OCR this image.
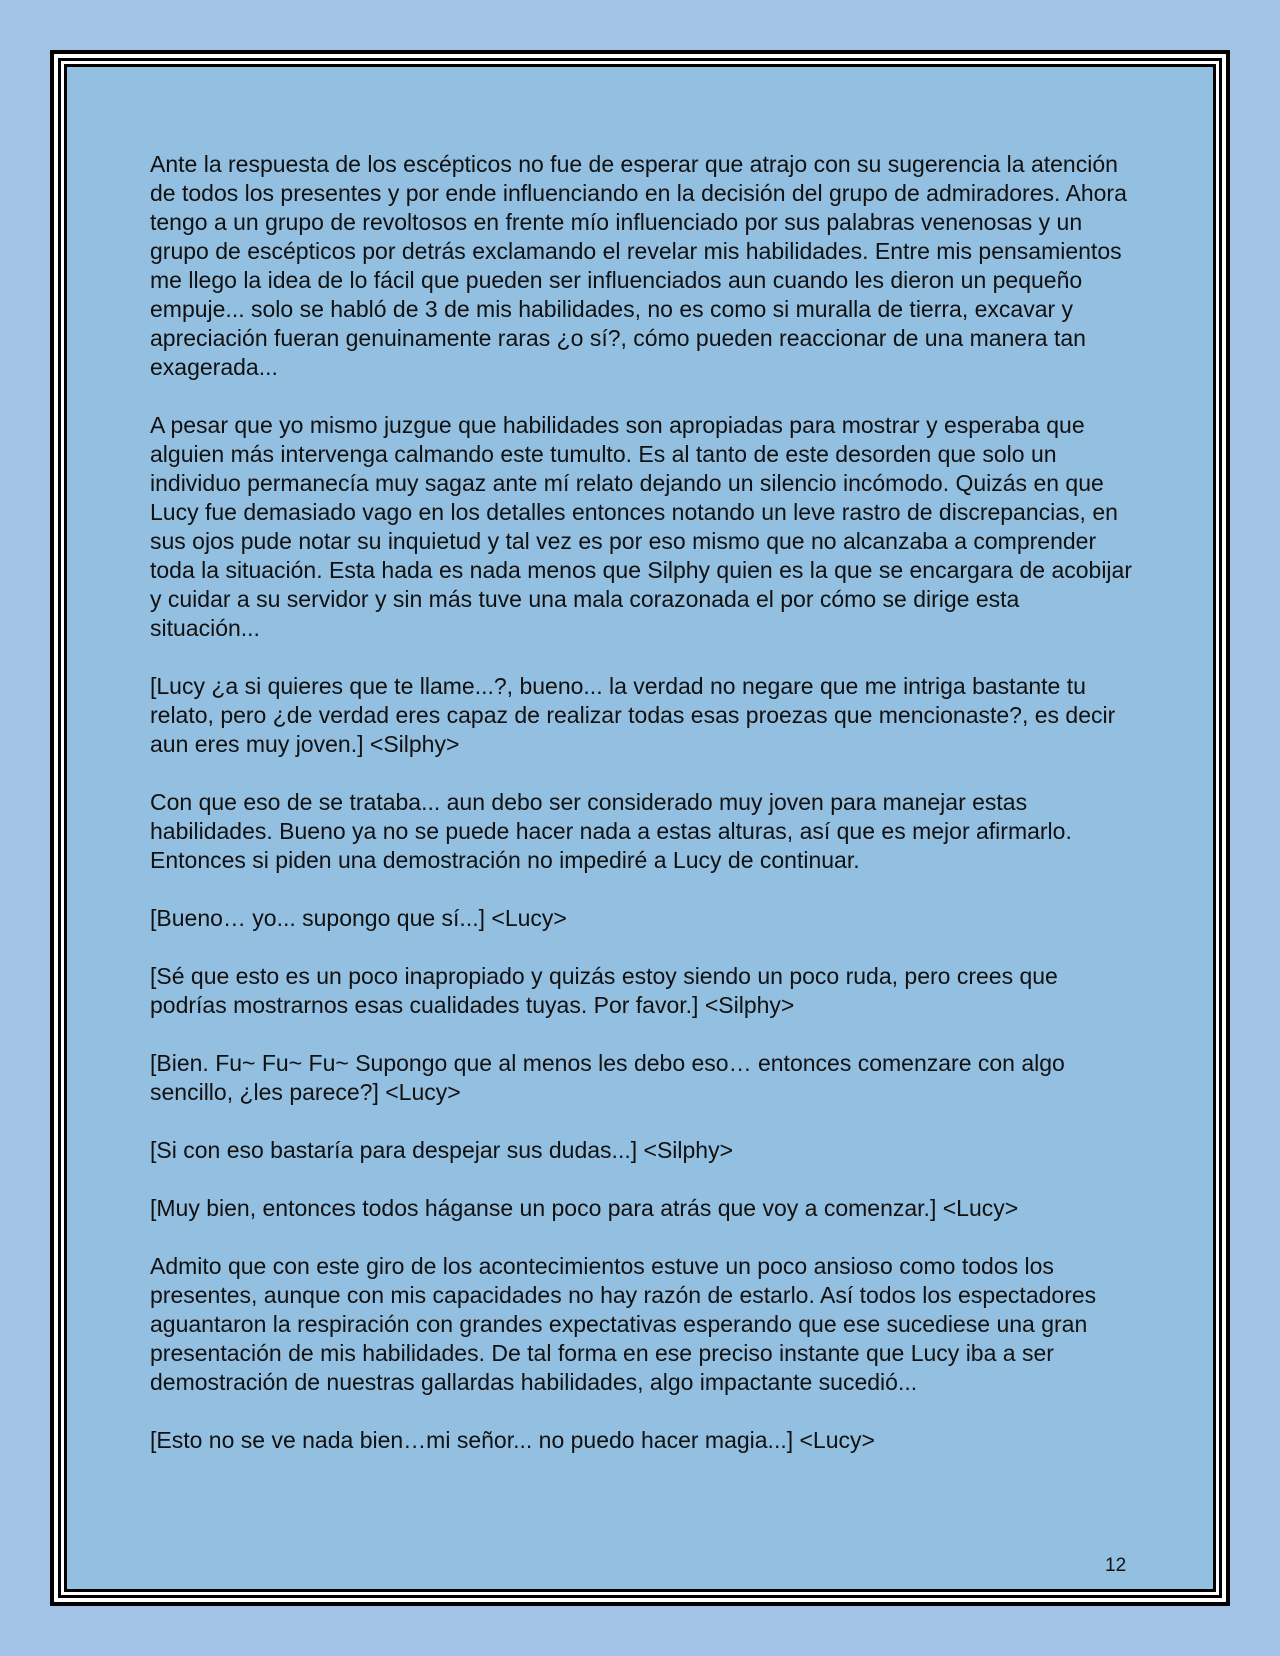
Ante la respuesta de los escépticos no fue de esperar que atrajo con su sugerencia la atención de todos los presentes y por ende influenciando en la decisión del grupo de admiradores. Ahora tengo a un grupo de revoltosos en frente mío influenciado por sus palabras venenosas y un grupo de escépticos por detrás exclamando el revelar mis habilidades. Entre mis pensamientos me llego la idea de lo fácil que pueden ser influenciados aun cuando les dieron un pequeño empuje... solo se habló de 3 de mis habilidades, no es como si muralla de tierra, excavar y apreciación fueran genuinamente raras ¿o sí?, cómo pueden reaccionar de una manera tan exagerada...

A pesar que yo mismo juzgue que habilidades son apropiadas para mostrar y esperaba que alguien más intervenga calmando este tumulto. Es al tanto de este desorden que solo un individuo permanecía muy sagaz ante mí relato dejando un silencio incómodo. Quizás en que Lucy fue demasiado vago en los detalles entonces notando un leve rastro de discrepancias, en sus ojos pude notar su inquietud y tal vez es por eso mismo que no alcanzaba a comprender toda la situación. Esta hada es nada menos que Silphy quien es la que se encargara de acobijar y cuidar a su servidor y sin más tuve una mala corazonada el por cómo se dirige esta situación...

[Lucy ¿a si quieres que te llame...?, bueno... la verdad no negare que me intriga bastante tu relato, pero ¿de verdad eres capaz de realizar todas esas proezas que mencionaste?, es decir aun eres muy joven.] <Silphy>

Con que eso de se trataba... aun debo ser considerado muy joven para manejar estas habilidades. Bueno ya no se puede hacer nada a estas alturas, así que es mejor afirmarlo. Entonces si piden una demostración no impediré a Lucy de continuar.

[Bueno… yo... supongo que sí...] <Lucy>

[Sé que esto es un poco inapropiado y quizás estoy siendo un poco ruda, pero crees que podrías mostrarnos esas cualidades tuyas. Por favor.] <Silphy>

[Bien. Fu~ Fu~ Fu~ Supongo que al menos les debo eso… entonces comenzare con algo sencillo, ¿les parece?] <Lucy>

[Si con eso bastaría para despejar sus dudas...] <Silphy>

[Muy bien, entonces todos háganse un poco para atrás que voy a comenzar.] <Lucy>

Admito que con este giro de los acontecimientos estuve un poco ansioso como todos los presentes, aunque con mis capacidades no hay razón de estarlo. Así todos los espectadores aguantaron la respiración con grandes expectativas esperando que ese sucediese una gran presentación de mis habilidades. De tal forma en ese preciso instante que Lucy iba a ser demostración de nuestras gallardas habilidades, algo impactante sucedió...

[Esto no se ve nada bien…mi señor... no puedo hacer magia...] <Lucy>

12
